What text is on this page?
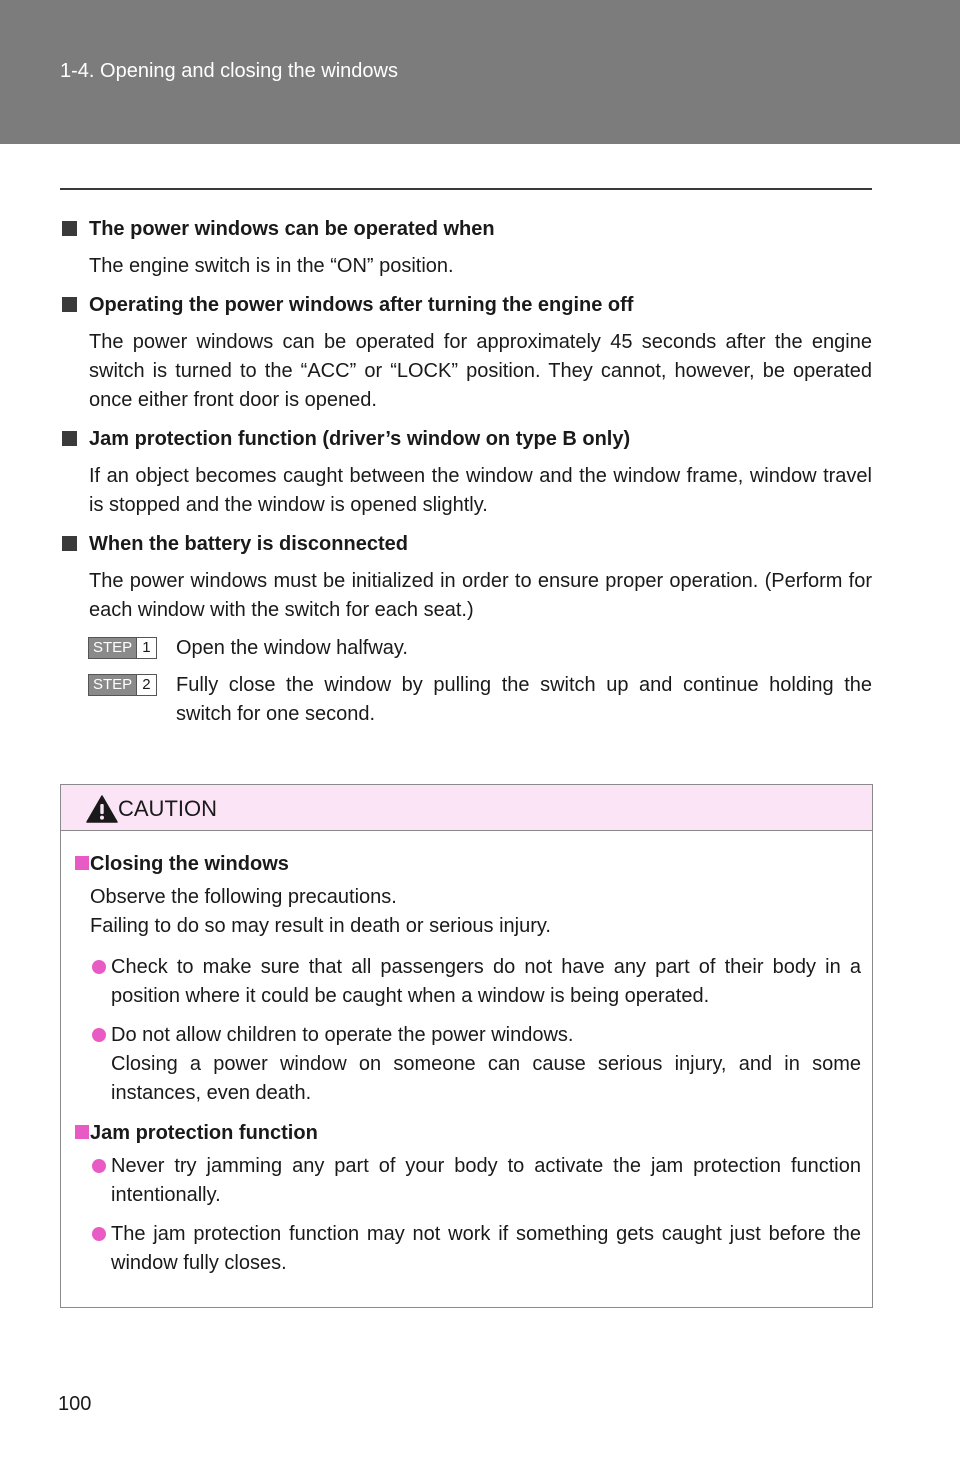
1-4. Opening and closing the windows
The power windows can be operated when

The engine switch is in the “ON” position.

Operating the power windows after turning the engine off

The power windows can be operated for approximately 45 seconds after the engine switch is turned to the “ACC” or “LOCK” position. They cannot, however, be operated once either front door is opened.

Jam protection function (driver’s window on type B only)

If an object becomes caught between the window and the window frame, window travel is stopped and the window is opened slightly.

When the battery is disconnected

The power windows must be initialized in order to ensure proper operation. (Perform for each window with the switch for each seat.)

STEP 1 Open the window halfway.
STEP 2 Fully close the window by pulling the switch up and continue holding the switch for one second.
CAUTION
Closing the windows
Observe the following precautions.
Failing to do so may result in death or serious injury.
Check to make sure that all passengers do not have any part of their body in a position where it could be caught when a window is being operated.
Do not allow children to operate the power windows.
Closing a power window on someone can cause serious injury, and in some instances, even death.
Jam protection function
Never try jamming any part of your body to activate the jam protection function intentionally.
The jam protection function may not work if something gets caught just before the window fully closes.
100
